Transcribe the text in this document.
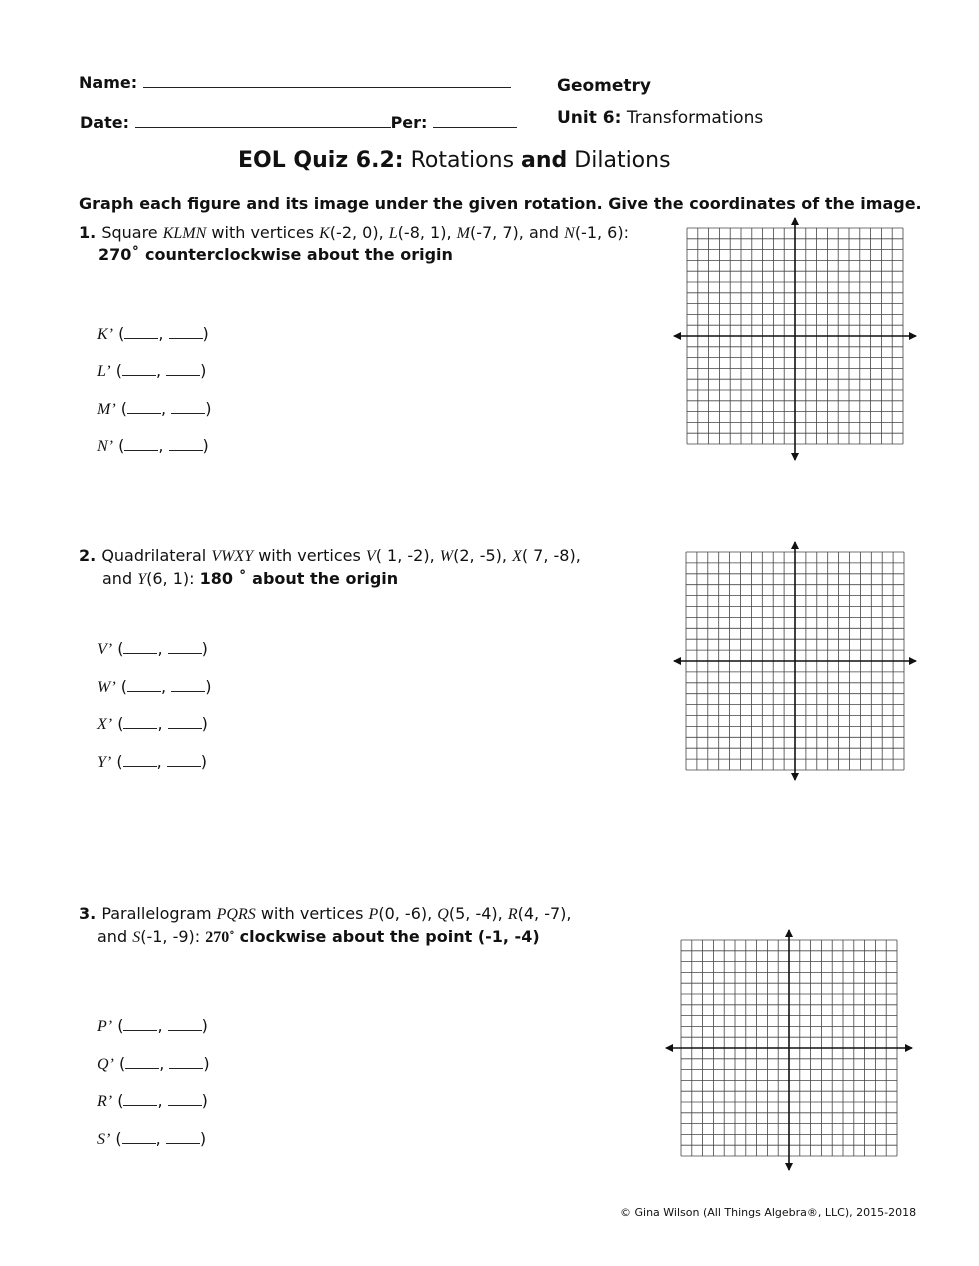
Name:
Date:	Per:
Geometry
Unit 6: Transformations
EOL Quiz 6.2: Rotations and Dilations
Graph each figure and its image under the given rotation. Give the coordinates of the image.
1. Square KLMN with vertices K(-2, 0), L(-8, 1), M(-7, 7), and N(-1, 6):
270˚ counterclockwise about the origin
K’ ( , )
L’ ( , )
M’ ( , )
N’ ( , )
2. Quadrilateral VWXY with vertices V( 1, -2), W(2, -5), X( 7, -8),
and Y(6, 1): 180 ˚ about the origin
V’ ( , )
W’ ( , )
X’ ( , )
Y’ ( , )
3. Parallelogram PQRS with vertices P(0, -6), Q(5, -4), R(4, -7),
and S(-1, -9): 270˚ clockwise about the point (-1, -4)
P’ ( , )
Q’ ( , )
R’ ( , )
S’ ( , )
© Gina Wilson (All Things Algebra®, LLC), 2015-2018
